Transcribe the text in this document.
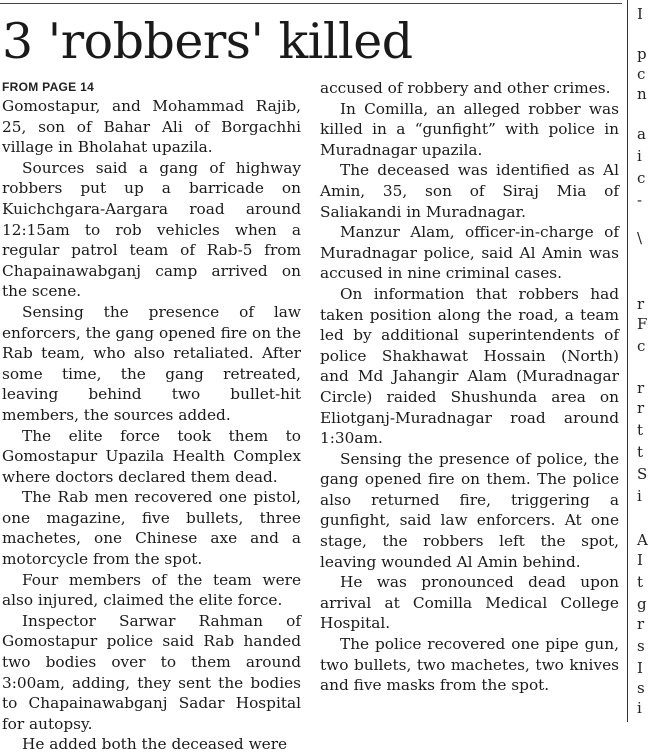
3 'robbers' killed
FROM PAGE 14

Gomostapur, and Mohammad Rajib, 25, son of Bahar Ali of Borgachhi village in Bholahat upazila.

Sources said a gang of highway robbers put up a barricade on Kuichchgara-Aargara road around 12:15am to rob vehicles when a regular patrol team of Rab-5 from Chapainawabganj camp arrived on the scene.

Sensing the presence of law enforcers, the gang opened fire on the Rab team, who also retaliated. After some time, the gang retreated, leaving behind two bullet-hit members, the sources added.

The elite force took them to Gomostapur Upazila Health Complex where doctors declared them dead.

The Rab men recovered one pistol, one magazine, five bullets, three machetes, one Chinese axe and a motorcycle from the spot.

Four members of the team were also injured, claimed the elite force.

Inspector Sarwar Rahman of Gomostapur police said Rab handed two bodies over to them around 3:00am, adding, they sent the bodies to Chapainawabganj Sadar Hospital for autopsy.

He added both the deceased were

accused of robbery and other crimes.

In Comilla, an alleged robber was killed in a “gunfight” with police in Muradnagar upazila.

The deceased was identified as Al Amin, 35, son of Siraj Mia of Saliakandi in Muradnagar.

Manzur Alam, officer-in-charge of Muradnagar police, said Al Amin was accused in nine criminal cases.

On information that robbers had taken position along the road, a team led by additional superintendents of police Shakhawat Hossain (North) and Md Jahangir Alam (Muradnagar Circle) raided Shushunda area on Eliotganj-Muradnagar road around 1:30am.

Sensing the presence of police, the gang opened fire on them. The police also returned fire, triggering a gunfight, said law enforcers. At one stage, the robbers left the spot, leaving wounded Al Amin behind.

He was pronounced dead upon arrival at Comilla Medical College Hospital.

The police recovered one pipe gun, two bullets, two machetes, two knives and five masks from the spot.

I
p
c
n
a
i
c
-
\
r
F
c
r
r
t
t
S
i
A
I
t
g
r
s
I
s
i
